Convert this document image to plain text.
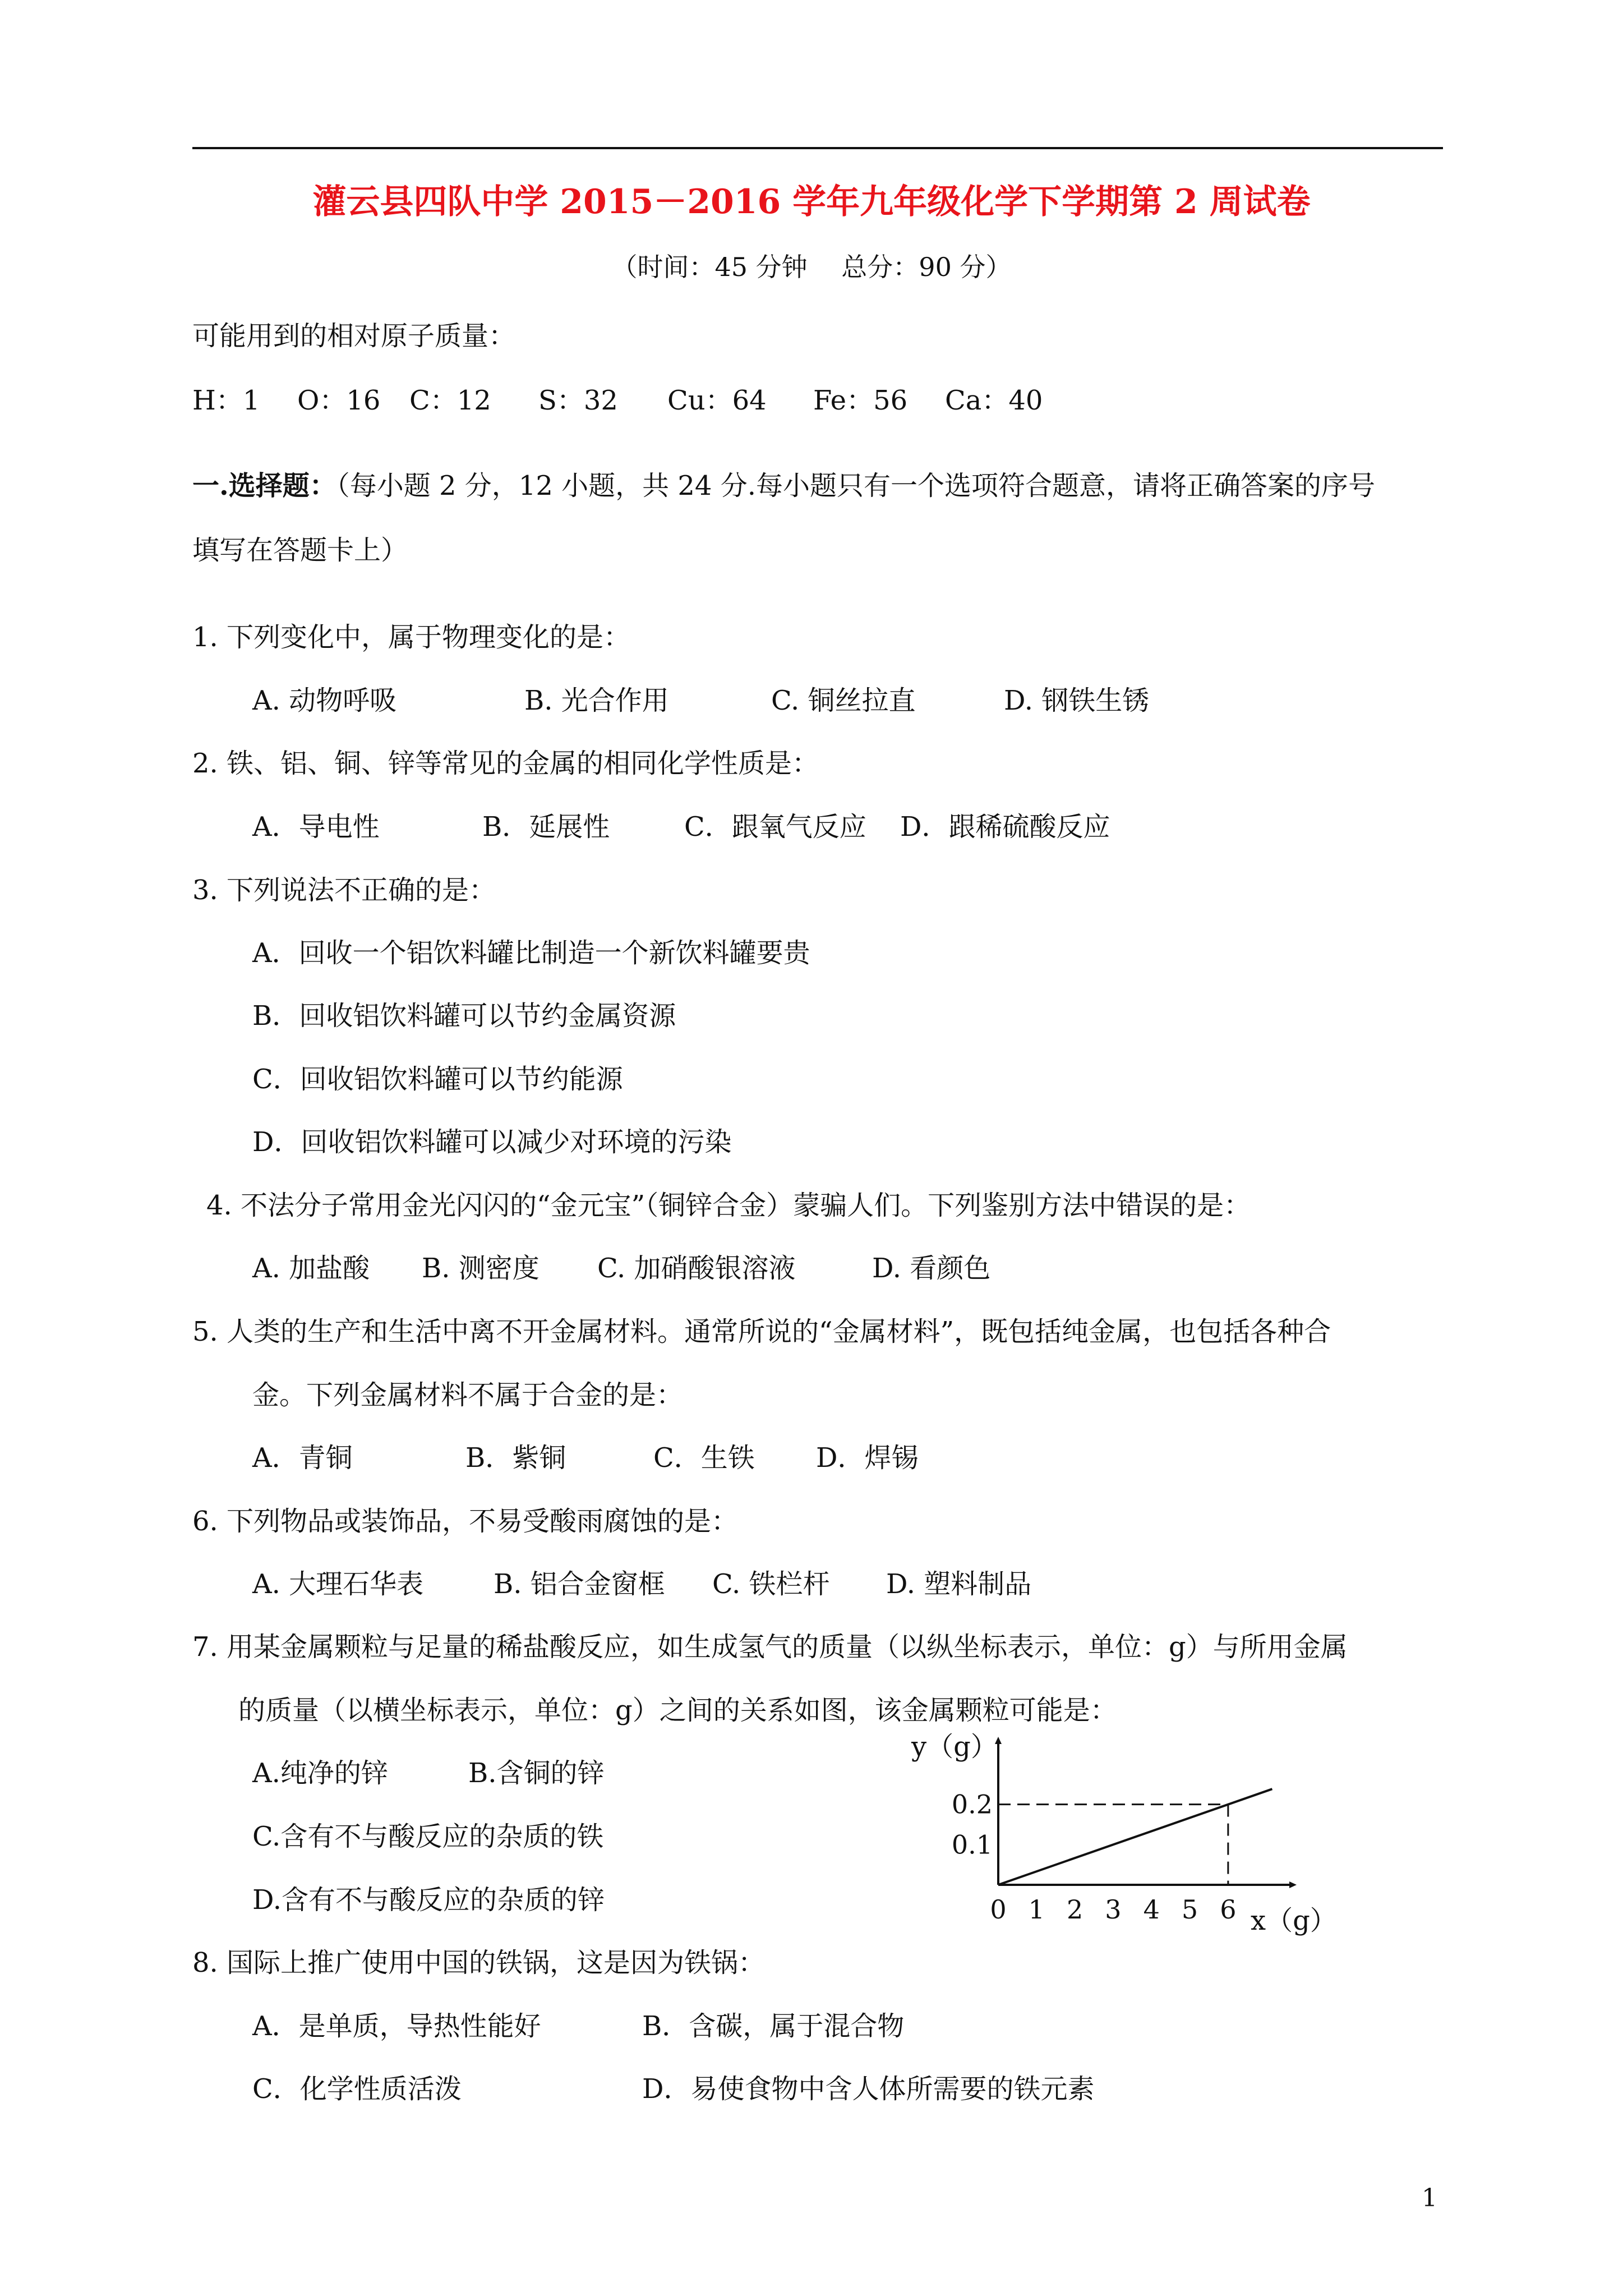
灌云县四队中学 2015－2016 学年九年级化学下学期第 2 周试卷
（时间：45 分钟　 总分：90 分）
可能用到的相对原子质量：
H：1 O：16 C：12 S：32 Cu：64 Fe：56 Ca：40
一.选择题：（每小题 2 分，12 小题，共 24 分.每小题只有一个选项符合题意，请将正确答案的序号
填写在答题卡上）
1. 下列变化中，属于物理变化的是：
A. 动物呼吸	B. 光合作用	C. 铜丝拉直	D. 钢铁生锈
2. 铁、铝、铜、锌等常见的金属的相同化学性质是：
A．导电性	B．延展性	C．跟氧气反应 D．跟稀硫酸反应
3. 下列说法不正确的是：
A．回收一个铝饮料罐比制造一个新饮料罐要贵
B．回收铝饮料罐可以节约金属资源
C．回收铝饮料罐可以节约能源
D．回收铝饮料罐可以减少对环境的污染
4. 不法分子常用金光闪闪的“金元宝”（铜锌合金）蒙骗人们。下列鉴别方法中错误的是：
A. 加盐酸 B. 测密度 C. 加硝酸银溶液	D. 看颜色
5. 人类的生产和生活中离不开金属材料。通常所说的“金属材料”，既包括纯金属，也包括各种合
金。下列金属材料不属于合金的是：
A．青铜	B．紫铜	C．生铁 D．焊锡
6. 下列物品或装饰品，不易受酸雨腐蚀的是：
A. 大理石华表	B. 铝合金窗框 C. 铁栏杆 D. 塑料制品
7. 用某金属颗粒与足量的稀盐酸反应，如生成氢气的质量（以纵坐标表示，单位：g）与所用金属
的质量（以横坐标表示，单位：g）之间的关系如图，该金属颗粒可能是：
A.纯净的锌	B.含铜的锌
C.含有不与酸反应的杂质的铁
D.含有不与酸反应的杂质的锌
y（g）
x（g）
0 1 2 3 4 5 6
0.1
0.2
8. 国际上推广使用中国的铁锅，这是因为铁锅：
A．是单质，导热性能好	B．含碳，属于混合物
C．化学性质活泼	D．易使食物中含人体所需要的铁元素
1
